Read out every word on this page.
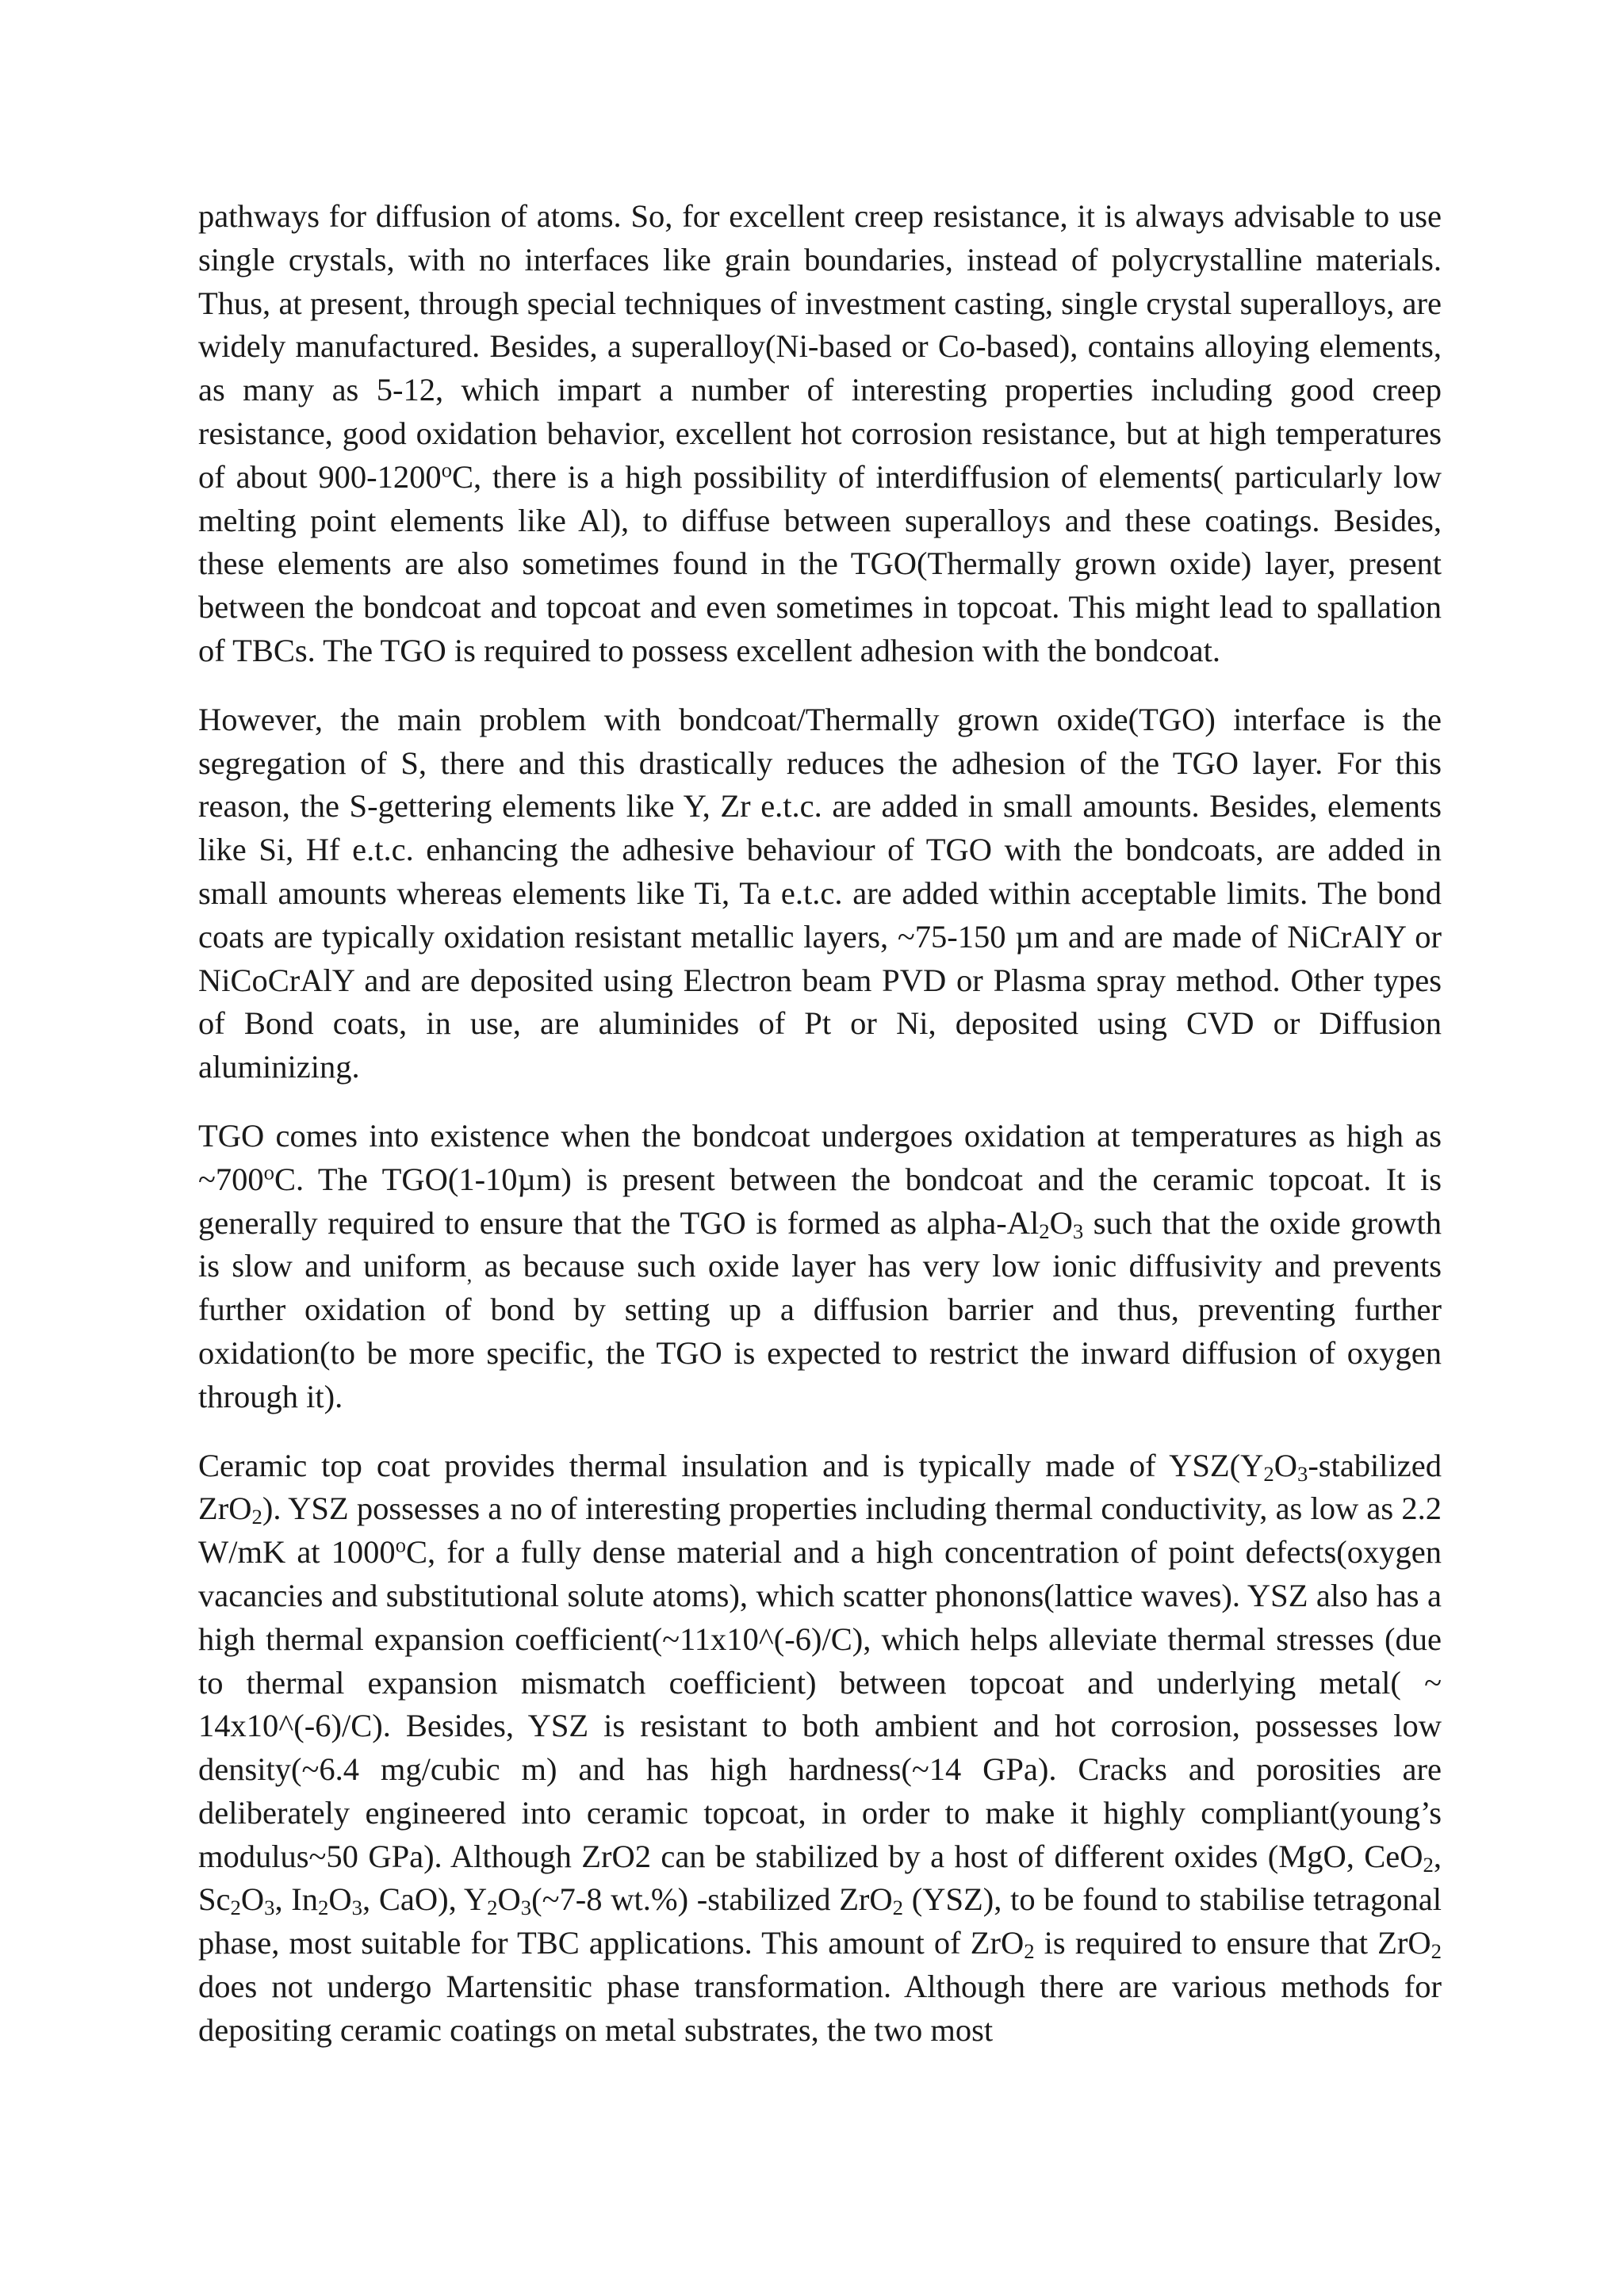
pathways for diffusion of atoms. So, for excellent creep resistance, it is always advisable to use single crystals, with no interfaces like grain boundaries, instead of polycrystalline materials. Thus, at present, through special techniques of investment casting, single crystal superalloys, are widely manufactured. Besides, a superalloy(Ni-based or Co-based), contains alloying elements, as many as 5-12, which impart a number of interesting properties including good creep resistance, good oxidation behavior, excellent hot corrosion resistance, but at high temperatures of about 900-1200$^o$C, there is a high possibility of interdiffusion of elements( particularly low melting point elements like Al), to diffuse between superalloys and these coatings. Besides, these elements are also sometimes found in the TGO(Thermally grown oxide) layer, present between the bondcoat and topcoat and even sometimes in topcoat. This might lead to spallation of TBCs. The TGO is required to possess excellent adhesion with the bondcoat.

However, the main problem with bondcoat/Thermally grown oxide(TGO) interface is the segregation of S, there and this drastically reduces the adhesion of the TGO layer. For this reason, the S-gettering elements like Y, Zr e.t.c. are added in small amounts. Besides, elements like Si, Hf e.t.c. enhancing the adhesive behaviour of TGO with the bondcoats, are added in small amounts whereas elements like Ti, Ta e.t.c. are added within acceptable limits. The bond coats are typically oxidation resistant metallic layers, ~75-150 µm and are made of NiCrAlY or NiCoCrAlY and are deposited using Electron beam PVD or Plasma spray method. Other types of Bond coats, in use, are aluminides of Pt or Ni, deposited using CVD or Diffusion aluminizing.

TGO comes into existence when the bondcoat undergoes oxidation at temperatures as high as ~700$^o$C. The TGO(1-10µm) is present between the bondcoat and the ceramic topcoat. It is generally required to ensure that the TGO is formed as alpha-$Al_2O_3$ such that the oxide growth is slow and uniform$_,$ as because such oxide layer has very low ionic diffusivity and prevents further oxidation of bond by setting up a diffusion barrier and thus, preventing further oxidation(to be more specific, the TGO is expected to restrict the inward diffusion of oxygen through it).

Ceramic top coat provides thermal insulation and is typically made of $YSZ(Y_2O_3$-stabilized ZrO$_2$). YSZ possesses a no of interesting properties including thermal conductivity, as low as 2.2 W/mK at 1000$^o$C, for a fully dense material and a high concentration of point defects(oxygen vacancies and substitutional solute atoms), which scatter phonons(lattice waves). YSZ also has a high thermal expansion coefficient(~11x10^(-6)/C), which helps alleviate thermal stresses (due to thermal expansion mismatch coefficient) between topcoat and underlying metal( ~ 14x10^(-6)/C). Besides, YSZ is resistant to both ambient and hot corrosion, possesses low density(~6.4 mg/cubic m) and has high hardness(~14 GPa). Cracks and porosities are deliberately engineered into ceramic topcoat, in order to make it highly compliant(young’s modulus~50 GPa). Although ZrO2 can be stabilized by a host of different oxides (MgO, CeO$_2$, $Sc_2O_3$, $In_2O_3$, CaO), $Y_2O_3(\sim 7-8$ wt.%) -stabilized ZrO$_2$ (YSZ), to be found to stabilise tetragonal phase, most suitable for TBC applications. This amount of ZrO$_2$ is required to ensure that ZrO$_2$ does not undergo Martensitic phase transformation. Although there are various methods for depositing ceramic coatings on metal substrates, the two most
